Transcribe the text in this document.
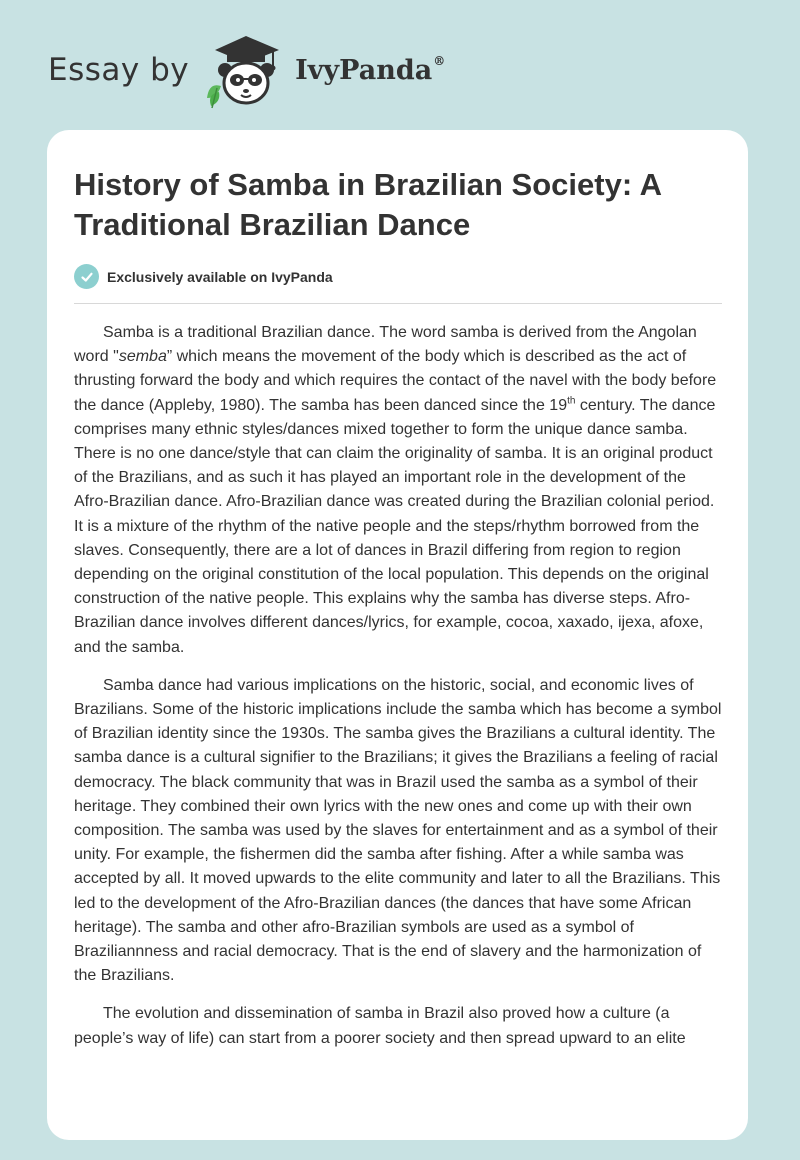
Essay by	IvyPanda®
History of Samba in Brazilian Society: A Traditional Brazilian Dance
Exclusively available on IvyPanda

Samba is a traditional Brazilian dance. The word samba is derived from the Angolan word "semba” which means the movement of the body which is described as the act of thrusting forward the body and which requires the contact of the navel with the body before the dance (Appleby, 1980). The samba has been danced since the 19th century. The dance comprises many ethnic styles/dances mixed together to form the unique dance samba. There is no one dance/style that can claim the originality of samba. It is an original product of the Brazilians, and as such it has played an important role in the development of the Afro-Brazilian dance. Afro-Brazilian dance was created during the Brazilian colonial period. It is a mixture of the rhythm of the native people and the steps/rhythm borrowed from the slaves. Consequently, there are a lot of dances in Brazil differing from region to region depending on the original constitution of the local population. This depends on the original construction of the native people. This explains why the samba has diverse steps. Afro-Brazilian dance involves different dances/lyrics, for example, cocoa, xaxado, ijexa, afoxe, and the samba.

Samba dance had various implications on the historic, social, and economic lives of Brazilians. Some of the historic implications include the samba which has become a symbol of Brazilian identity since the 1930s. The samba gives the Brazilians a cultural identity. The samba dance is a cultural signifier to the Brazilians; it gives the Brazilians a feeling of racial democracy. The black community that was in Brazil used the samba as a symbol of their heritage. They combined their own lyrics with the new ones and come up with their own composition. The samba was used by the slaves for entertainment and as a symbol of their unity. For example, the fishermen did the samba after fishing. After a while samba was accepted by all. It moved upwards to the elite community and later to all the Brazilians. This led to the development of the Afro-Brazilian dances (the dances that have some African heritage). The samba and other afro-Brazilian symbols are used as a symbol of Braziliannness and racial democracy. That is the end of slavery and the harmonization of the Brazilians.

The evolution and dissemination of samba in Brazil also proved how a culture (a people’s way of life) can start from a poorer society and then spread upward to an elite
